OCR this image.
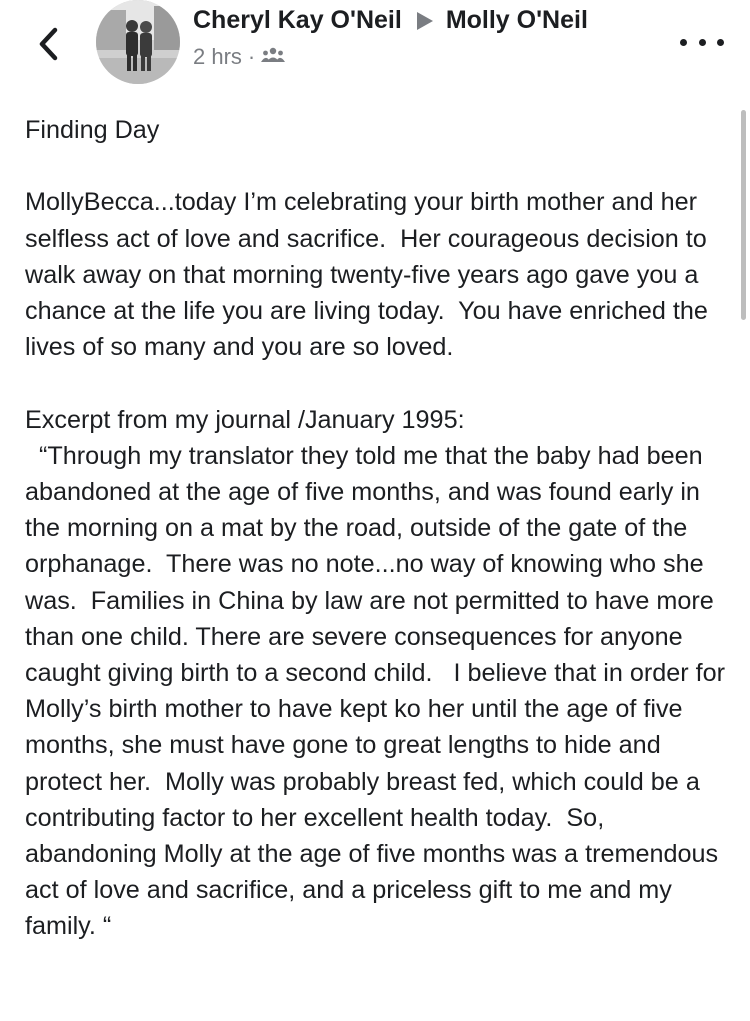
Cheryl Kay O'Neil Molly O'Neil
2 hrs ·

Finding Day

MollyBecca...today I’m celebrating your birth mother and her selfless act of love and sacrifice.  Her courageous decision to walk away on that morning twenty-five years ago gave you a chance at the life you are living today.  You have enriched the lives of so many and you are so loved.

Excerpt from my journal /January 1995:

“Through my translator they told me that the baby had been abandoned at the age of five months, and was found early in the morning on a mat by the road, outside of the gate of the orphanage.  There was no note...no way of knowing who she was.  Families in China by law are not permitted to have more than one child. There are severe consequences for anyone caught giving birth to a second child.   I believe that in order for Molly’s birth mother to have kept ko her until the age of five months, she must have gone to great lengths to hide and protect her.  Molly was probably breast fed, which could be a contributing factor to her excellent health today.  So, abandoning Molly at the age of five months was a tremendous act of love and sacrifice, and a priceless gift to me and my family. “
